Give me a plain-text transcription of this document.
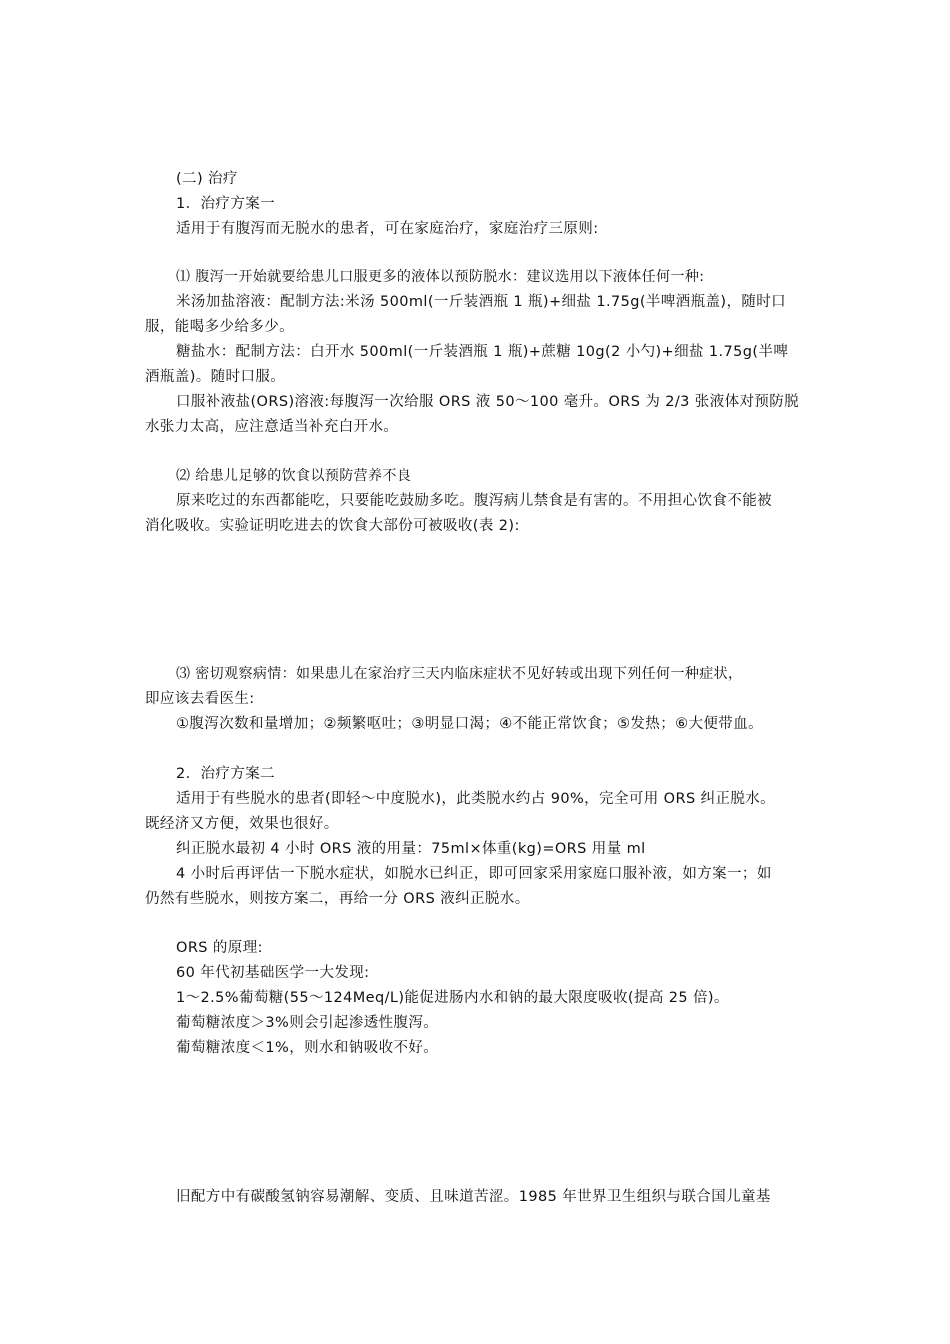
(二) 治疗
1．治疗方案一
适用于有腹泻而无脱水的患者，可在家庭治疗，家庭治疗三原则:
⑴ 腹泻一开始就要给患儿口服更多的液体以预防脱水：建议选用以下液体任何一种:
米汤加盐溶液：配制方法:米汤 500ml(一斤装酒瓶 1 瓶)+细盐 1.75g(半啤酒瓶盖)，随时口
服，能喝多少给多少。
糖盐水：配制方法：白开水 500ml(一斤装酒瓶 1 瓶)+蔗糖 10g(2 小勺)+细盐 1.75g(半啤
酒瓶盖)。随时口服。
口服补液盐(ORS)溶液:每腹泻一次给服 ORS 液 50～100 毫升。ORS 为 2/3 张液体对预防脱
水张力太高，应注意适当补充白开水。
⑵ 给患儿足够的饮食以预防营养不良
原来吃过的东西都能吃，只要能吃鼓励多吃。腹泻病儿禁食是有害的。不用担心饮食不能被
消化吸收。实验证明吃进去的饮食大部份可被吸收(表 2):
⑶ 密切观察病情：如果患儿在家治疗三天内临床症状不见好转或出现下列任何一种症状，
即应该去看医生:
①腹泻次数和量增加；②频繁呕吐；③明显口渴；④不能正常饮食；⑤发热；⑥大便带血。
2．治疗方案二
适用于有些脱水的患者(即轻～中度脱水)，此类脱水约占 90%，完全可用 ORS 纠正脱水。
既经济又方便，效果也很好。
纠正脱水最初 4 小时 ORS 液的用量：75ml×体重(kg)=ORS 用量 ml
4 小时后再评估一下脱水症状，如脱水已纠正，即可回家采用家庭口服补液，如方案一；如
仍然有些脱水，则按方案二，再给一分 ORS 液纠正脱水。
ORS 的原理:
60 年代初基础医学一大发现:
1～2.5%葡萄糖(55～124Meq/L)能促进肠内水和钠的最大限度吸收(提高 25 倍)。
葡萄糖浓度＞3%则会引起渗透性腹泻。
葡萄糖浓度＜1%，则水和钠吸收不好。
旧配方中有碳酸氢钠容易潮解、变质、且味道苦涩。1985 年世界卫生组织与联合国儿童基
